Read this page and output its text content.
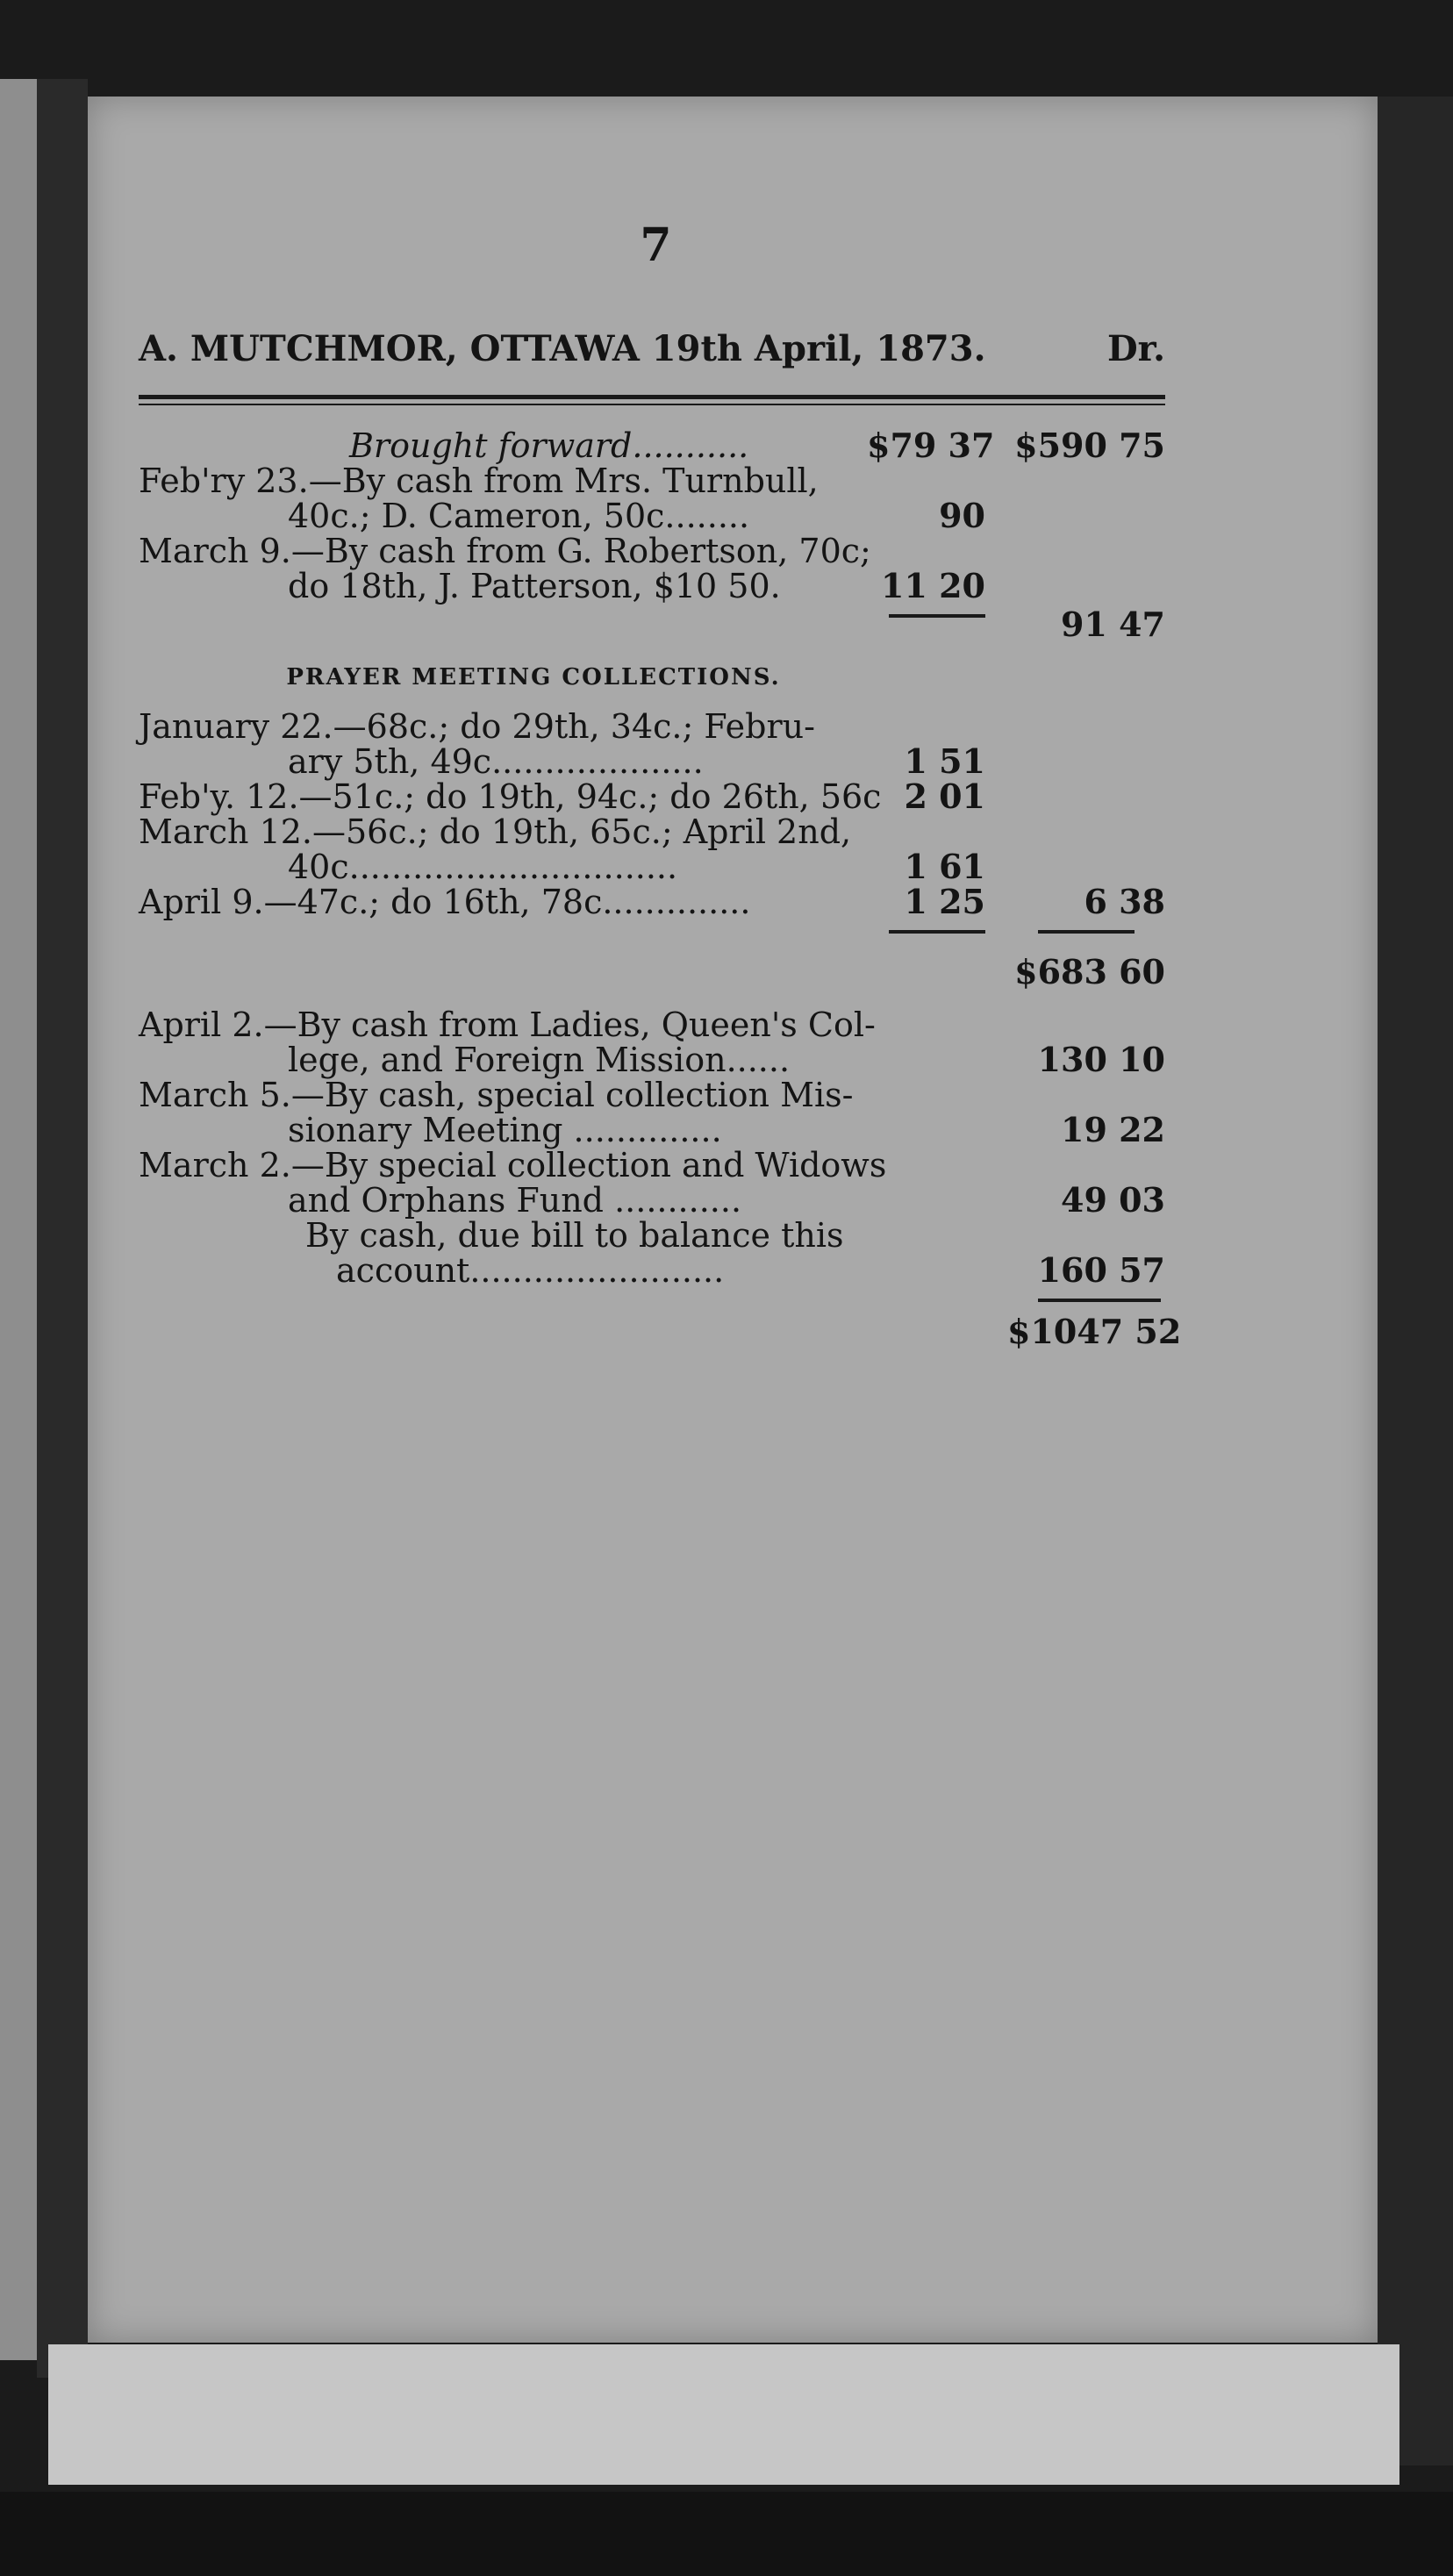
7
A. MUTCHMOR, OTTAWA 19th April, 1873.	Dr.
Brought forward...........	$79 37 $590 75
Feb'ry 23.—By cash from Mrs. Turnbull,
40c.; D. Cameron, 50c........	90
March 9.—By cash from G. Robertson, 70c;
do 18th, J. Patterson, $10 50.	11 20
91 47
PRAYER MEETING COLLECTIONS.
January 22.—68c.; do 29th, 34c.; Febru-
ary 5th, 49c....................	1 51
Feb'y. 12.—51c.; do 19th, 94c.; do 26th, 56c 2 01
March 12.—56c.; do 19th, 65c.; April 2nd,
40c...............................	1 61
April 9.—47c.; do 16th, 78c..............	1 25	6 38
$683 60
April 2.—By cash from Ladies, Queen's Col-
lege, and Foreign Mission......	130 10
March 5.—By cash, special collection Mis-
sionary Meeting ..............	19 22
March 2.—By special collection and Widows
and Orphans Fund ............	49 03
By cash, due bill to balance this
account........................	160 57
$1047 52
